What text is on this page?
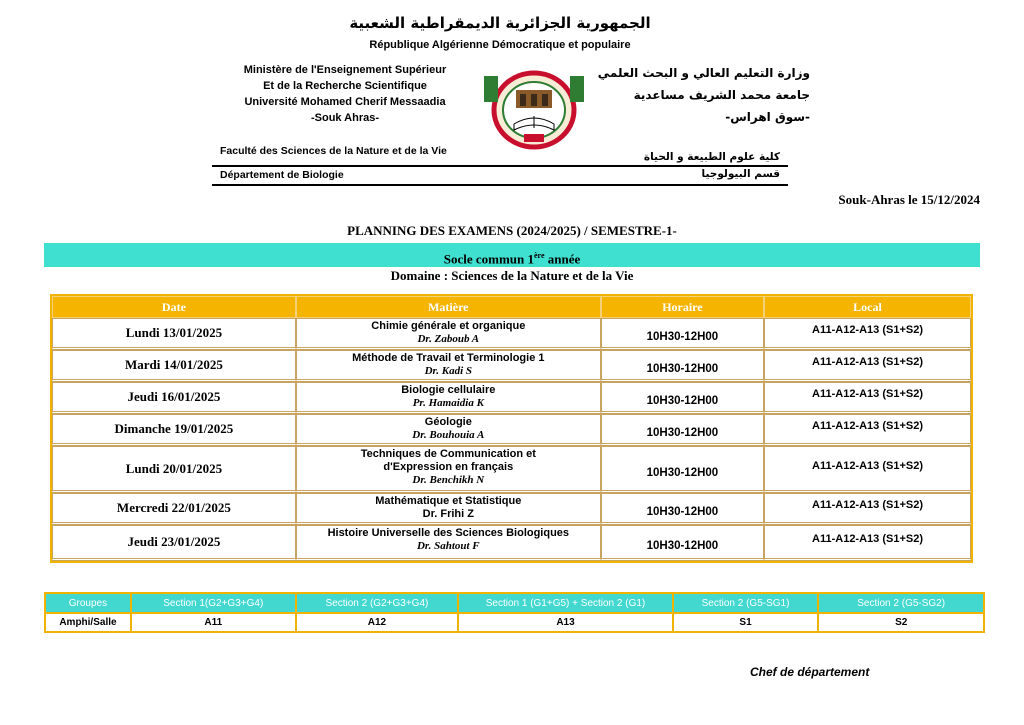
الجمهورية الجزائرية الديمقراطية الشعبية
République Algérienne Démocratique et populaire
Ministère de l'Enseignement Supérieur
Et de la Recherche Scientifique
Université Mohamed Cherif Messaadia
-Souk Ahras-
وزارة التعليم العالي و البحث العلمي
جامعة محمد الشريف مساعدية
-سوق اهراس-
Faculté des Sciences de la Nature et de la Vie	كلية علوم الطبيعة و الحياة
Département de Biologie	قسم البيولوجيا
Souk-Ahras le 15/12/2024
PLANNING DES EXAMENS (2024/2025) / SEMESTRE-1-
Socle commun 1ère année
Domaine : Sciences de la Nature et de la Vie
Date	Matière	Horaire	Local
Lundi 13/01/2025	Chimie générale et organique
Dr. Zaboub A	10H30-12H00	A11-A12-A13 (S1+S2)
Mardi 14/01/2025	Méthode de Travail et Terminologie 1
Dr. Kadi S	10H30-12H00	A11-A12-A13 (S1+S2)
Jeudi 16/01/2025	Biologie cellulaire
Pr. Hamaidia K	10H30-12H00	A11-A12-A13 (S1+S2)
Dimanche 19/01/2025	Géologie
Dr. Bouhouia A	10H30-12H00	A11-A12-A13 (S1+S2)
Lundi 20/01/2025	Techniques de Communication et d'Expression en français
Dr. Benchikh N	10H30-12H00	A11-A12-A13 (S1+S2)
Mercredi 22/01/2025	Mathématique et Statistique
Dr. Frihi Z	10H30-12H00	A11-A12-A13 (S1+S2)
Jeudi 23/01/2025	Histoire Universelle des Sciences Biologiques
Dr. Sahtout F	10H30-12H00	A11-A12-A13 (S1+S2)
Groupes	Section 1(G2+G3+G4)	Section 2 (G2+G3+G4)	Section 1 (G1+G5) + Section 2 (G1)	Section 2 (G5-SG1)	Section 2 (G5-SG2)
Amphi/Salle	A11	A12	A13	S1	S2
Chef de département
